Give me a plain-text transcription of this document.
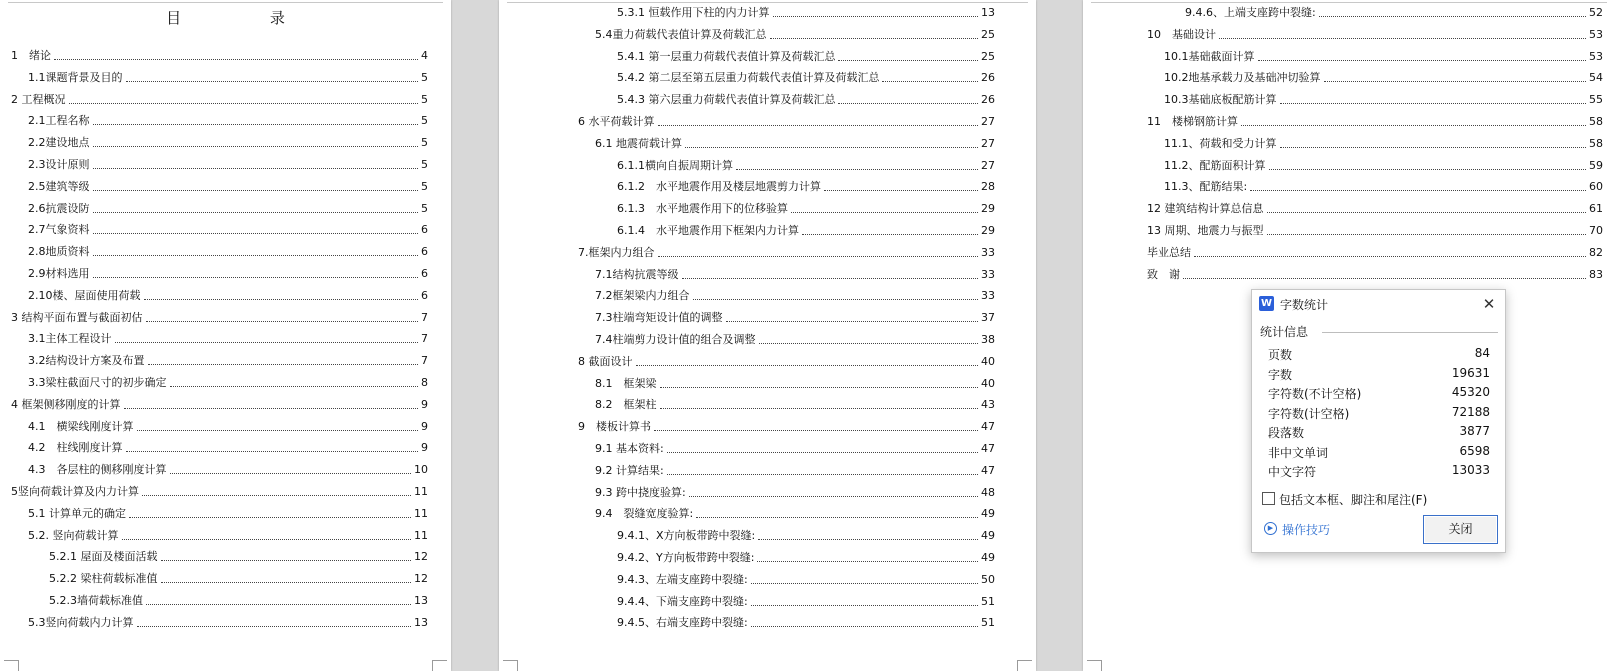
目 录
1　绪论	4
1.1课题背景及目的	5
2 工程概况	5
2.1工程名称	5
2.2建设地点	5
2.3设计原则	5
2.5建筑等级	5
2.6抗震设防	5
2.7气象资料	6
2.8地质资料	6
2.9材料选用	6
2.10楼、屋面使用荷载	6
3 结构平面布置与截面初估	7
3.1主体工程设计	7
3.2结构设计方案及布置	7
3.3梁柱截面尺寸的初步确定	8
4 框架侧移刚度的计算	9
4.1　横梁线刚度计算	9
4.2　柱线刚度计算	9
4.3　各层柱的侧移刚度计算	10
5竖向荷载计算及内力计算	11
5.1 计算单元的确定	11
5.2. 竖向荷载计算	11
5.2.1 屋面及楼面活载	12
5.2.2 梁柱荷载标准值	12
5.2.3墙荷载标准值	13
5.3竖向荷载内力计算	13
5.3.1 恒载作用下柱的内力计算	13
5.4重力荷载代表值计算及荷载汇总	25
5.4.1 第一层重力荷载代表值计算及荷载汇总	25
5.4.2 第二层至第五层重力荷载代表值计算及荷载汇总	26
5.4.3 第六层重力荷载代表值计算及荷载汇总	26
6 水平荷载计算	27
6.1 地震荷载计算	27
6.1.1横向自振周期计算	27
6.1.2　水平地震作用及楼层地震剪力计算	28
6.1.3　水平地震作用下的位移验算	29
6.1.4　水平地震作用下框架内力计算	29
7.框架内力组合	33
7.1结构抗震等级	33
7.2框架梁内力组合	33
7.3柱端弯矩设计值的调整	37
7.4柱端剪力设计值的组合及调整	38
8 截面设计	40
8.1　框架梁	40
8.2　框架柱	43
9　楼板计算书	47
9.1 基本资料:	47
9.2 计算结果:	47
9.3 跨中挠度验算:	48
9.4　裂缝宽度验算:	49
9.4.1、X方向板带跨中裂缝:	49
9.4.2、Y方向板带跨中裂缝:	49
9.4.3、左端支座跨中裂缝:	50
9.4.4、下端支座跨中裂缝:	51
9.4.5、右端支座跨中裂缝:	51
9.4.6、上端支座跨中裂缝:	52
10　基础设计	53
10.1基础截面计算	53
10.2地基承载力及基础冲切验算	54
10.3基础底板配筋计算	55
11　楼梯钢筋计算	58
11.1、荷载和受力计算	58
11.2、配筋面积计算	59
11.3、配筋结果:	60
12 建筑结构计算总信息	61
13 周期、地震力与振型	70
毕业总结	82
致　谢	83
W 字数统计	✕
统计信息
页数	84
字数	19631
字符数(不计空格)	45320
字符数(计空格)	72188
段落数	3877
非中文单词	6598
中文字符	13033
包括文本框、脚注和尾注(F)
▶ 操作技巧	关闭
